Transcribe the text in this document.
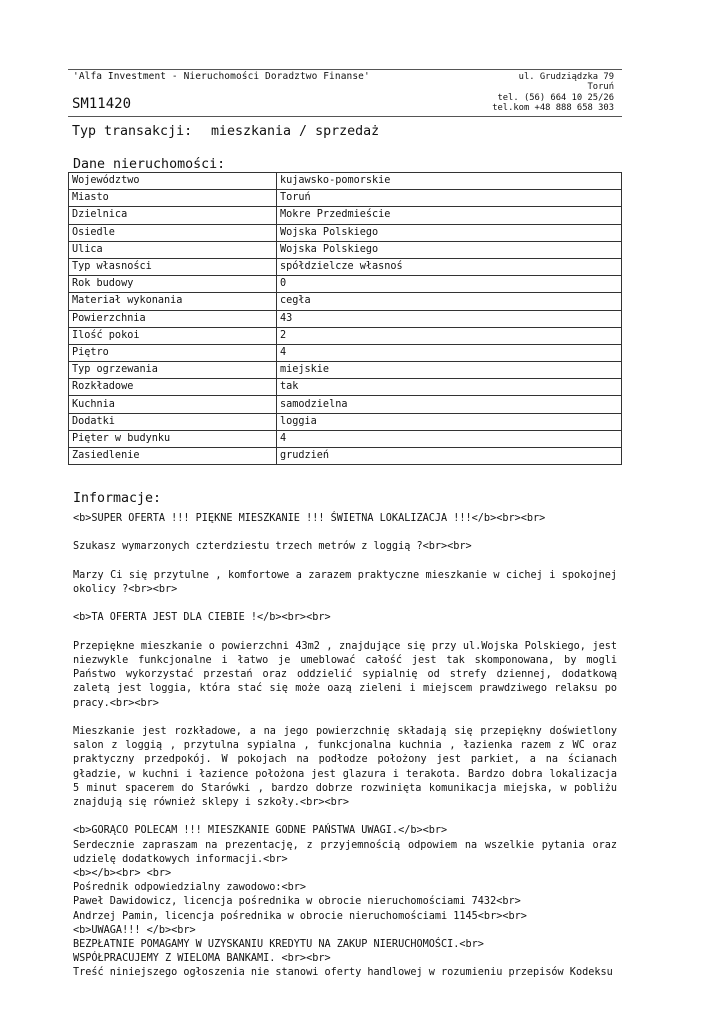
'Alfa Investment - Nieruchomości Doradztwo Finanse'
SM11420
ul. Grudziądzka 79
Toruń
tel. (56) 664 10 25/26
tel.kom +48 888 658 303
Typ transakcji: mieszkania / sprzedaż
Dane nieruchomości:
Województwo	kujawsko-pomorskie
Miasto	Toruń
Dzielnica	Mokre Przedmieście
Osiedle	Wojska Polskiego
Ulica	Wojska Polskiego
Typ własności	spółdzielcze własnoś
Rok budowy	0
Materiał wykonania	cegła
Powierzchnia	43
Ilość pokoi	2
Piętro	4
Typ ogrzewania	miejskie
Rozkładowe	tak
Kuchnia	samodzielna
Dodatki	loggia
Pięter w budynku	4
Zasiedlenie	grudzień
Informacje:

<b>SUPER OFERTA !!! PIĘKNE MIESZKANIE !!! ŚWIETNA LOKALIZACJA !!!</b><br><br>

Szukasz wymarzonych czterdziestu trzech metrów z loggią ?<br><br>

Marzy Ci się przytulne , komfortowe a zarazem praktyczne mieszkanie w cichej i spokojnej okolicy ?<br><br>

<b>TA OFERTA JEST DLA CIEBIE !</b><br><br>

Przepiękne mieszkanie o powierzchni 43m2 , znajdujące się przy ul.Wojska Polskiego, jest niezwykle funkcjonalne i łatwo je umeblować całość jest tak skomponowana, by mogli Państwo wykorzystać przestań oraz oddzielić sypialnię od strefy dziennej, dodatkową zaletą jest loggia, która stać się może oazą zieleni i miejscem prawdziwego relaksu po pracy.<br><br>

Mieszkanie jest rozkładowe, a na jego powierzchnię składają się przepiękny doświetlony salon z loggią , przytulna sypialna , funkcjonalna kuchnia , łazienka razem z WC oraz praktyczny przedpokój. W pokojach na podłodze położony jest parkiet, a na ścianach gładzie, w kuchni i łazience położona jest glazura i terakota. Bardzo dobra lokalizacja 5 minut spacerem do Starówki , bardzo dobrze rozwinięta komunikacja miejska, w pobliżu znajdują się również sklepy i szkoły.<br><br>

<b>GORĄCO POLECAM !!! MIESZKANIE GODNE PAŃSTWA UWAGI.</b><br>

Serdecznie zapraszam na prezentację, z przyjemnością odpowiem na wszelkie pytania oraz udzielę dodatkowych informacji.<br>

<b></b><br> <br>

Pośrednik odpowiedzialny zawodowo:<br>

Paweł Dawidowicz, licencja pośrednika w obrocie nieruchomościami 7432<br>

Andrzej Pamin, licencja pośrednika w obrocie nieruchomościami 1145<br><br>

<b>UWAGA!!! </b><br>

BEZPŁATNIE POMAGAMY W UZYSKANIU KREDYTU NA ZAKUP NIERUCHOMOŚCI.<br>

WSPÓŁPRACUJEMY Z WIELOMA BANKAMI. <br><br>

Treść niniejszego ogłoszenia nie stanowi oferty handlowej w rozumieniu przepisów Kodeksu
